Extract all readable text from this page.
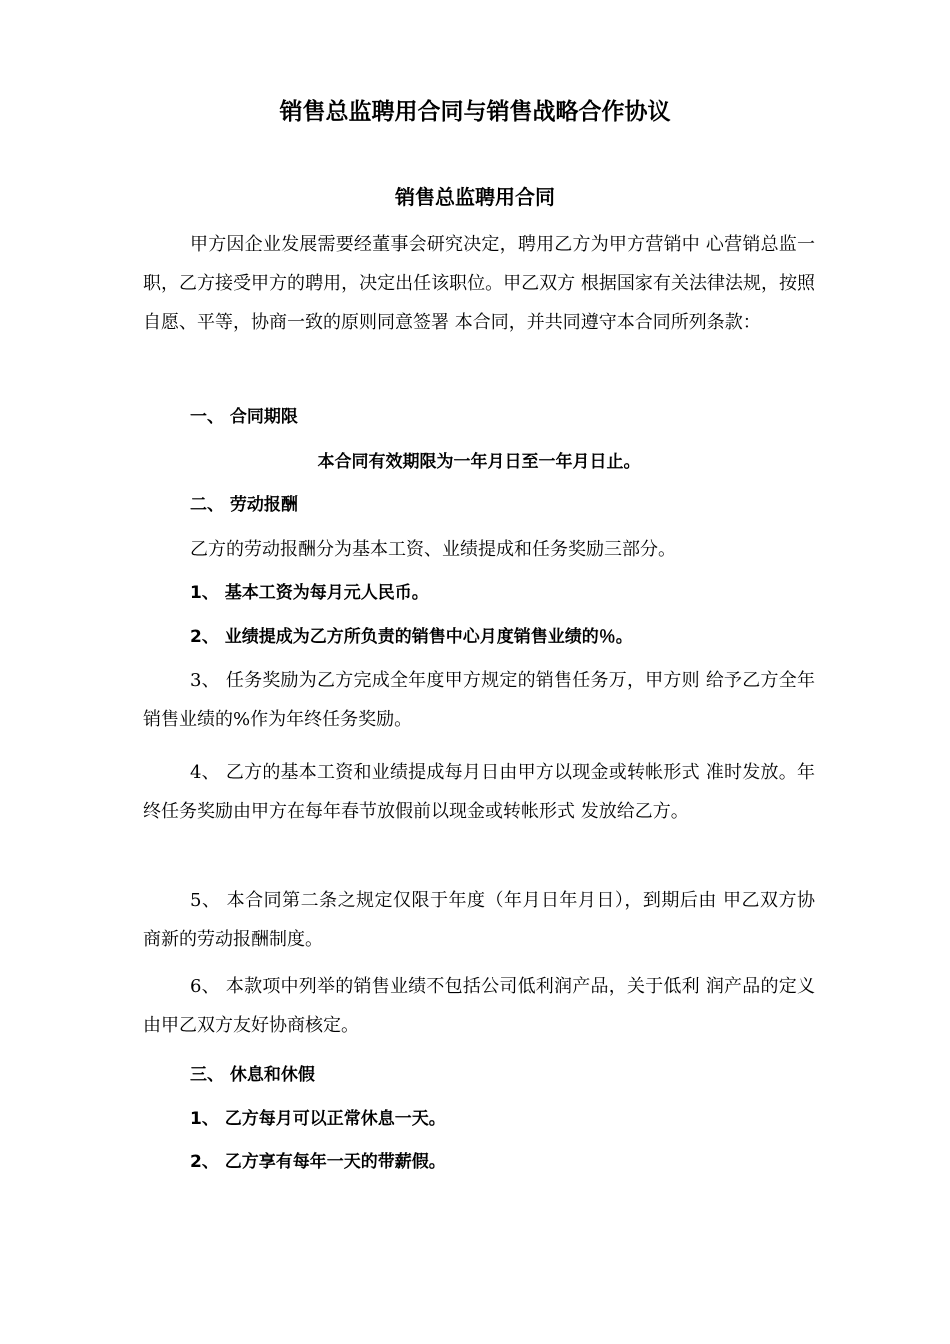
销售总监聘用合同与销售战略合作协议
销售总监聘用合同

甲方因企业发展需要经董事会研究决定，聘用乙方为甲方营销中 心营销总监一职，乙方接受甲方的聘用，决定出任该职位。甲乙双方 根据国家有关法律法规，按照自愿、平等，协商一致的原则同意签署 本合同，并共同遵守本合同所列条款：

一、 合同期限

本合同有效期限为一年月日至一年月日止。

二、 劳动报酬

乙方的劳动报酬分为基本工资、业绩提成和任务奖励三部分。

1、 基本工资为每月元人民币。

2、 业绩提成为乙方所负责的销售中心月度销售业绩的％。

3、 任务奖励为乙方完成全年度甲方规定的销售任务万，甲方则 给予乙方全年销售业绩的%作为年终任务奖励。

4、 乙方的基本工资和业绩提成每月日由甲方以现金或转帐形式 准时发放。年终任务奖励由甲方在每年春节放假前以现金或转帐形式 发放给乙方。

5、 本合同第二条之规定仅限于年度（年月日年月日），到期后由 甲乙双方协商新的劳动报酬制度。

6、 本款项中列举的销售业绩不包括公司低利润产品，关于低利 润产品的定义由甲乙双方友好协商核定。

三、 休息和休假

1、 乙方每月可以正常休息一天。

2、 乙方享有每年一天的带薪假。
